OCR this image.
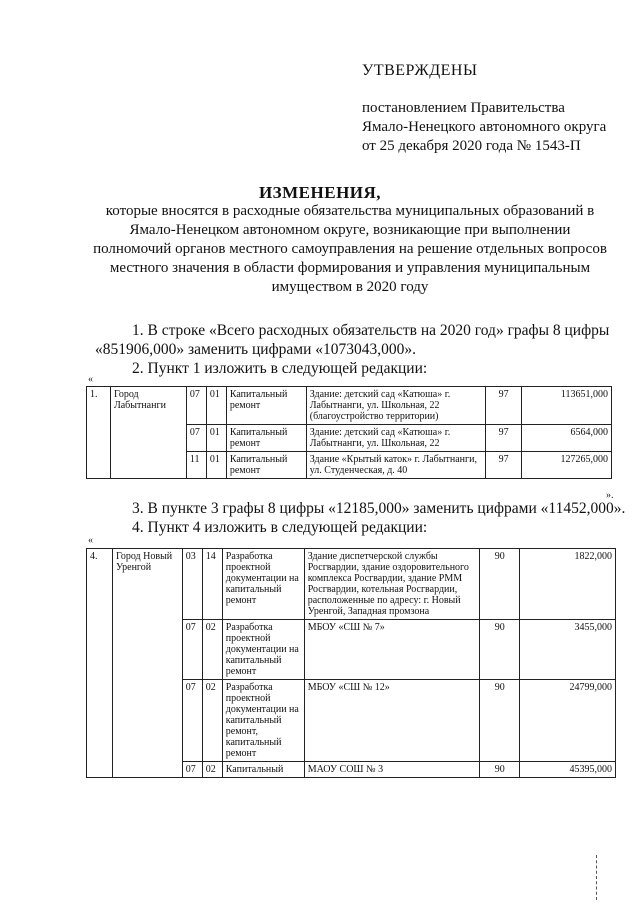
УТВЕРЖДЕНЫ
постановлением Правительства
Ямало-Ненецкого автономного округа
от 25 декабря 2020 года № 1543-П
ИЗМЕНЕНИЯ,
которые вносятся в расходные обязательства муниципальных образований в
Ямало-Ненецком автономном округе, возникающие при выполнении
полномочий органов местного самоуправления на решение отдельных вопросов
местного значения в области формирования и управления муниципальным
имуществом в 2020 году
1. В строке «Всего расходных обязательств на 2020 год» графы 8 цифры
«851906,000» заменить цифрами «1073043,000».
2. Пункт 1 изложить в следующей редакции:
«
1.	Город Лабытнанги	07	01	Капитальный ремонт	Здание: детский сад «Катюша» г. Лабытнанги, ул. Школьная, 22 (благоустройство территории)	97	113651,000
		07	01	Капитальный ремонт	Здание: детский сад «Катюша» г. Лабытнанги, ул. Школьная, 22	97	6564,000
		11	01	Капитальный ремонт	Здание «Крытый каток» г. Лабытнанги, ул. Студенческая, д. 40	97	127265,000
».
3. В пункте 3 графы 8 цифры «12185,000» заменить цифрами «11452,000».
4. Пункт 4 изложить в следующей редакции:
«
4.	Город Новый Уренгой	03	14	Разработка проектной документации на капитальный ремонт	Здание диспетчерской службы Росгвардии, здание оздоровительного комплекса Росгвардии, здание РММ Росгвардии, котельная Росгвардии, расположенные по адресу: г. Новый Уренгой, Западная промзона	90	1822,000
		07	02	Разработка проектной документации на капитальный ремонт	МБОУ «СШ № 7»	90	3455,000
		07	02	Разработка проектной документации на капитальный ремонт, капитальный ремонт	МБОУ «СШ № 12»	90	24799,000
		07	02	Капитальный	МАОУ СОШ № 3	90	45395,000
